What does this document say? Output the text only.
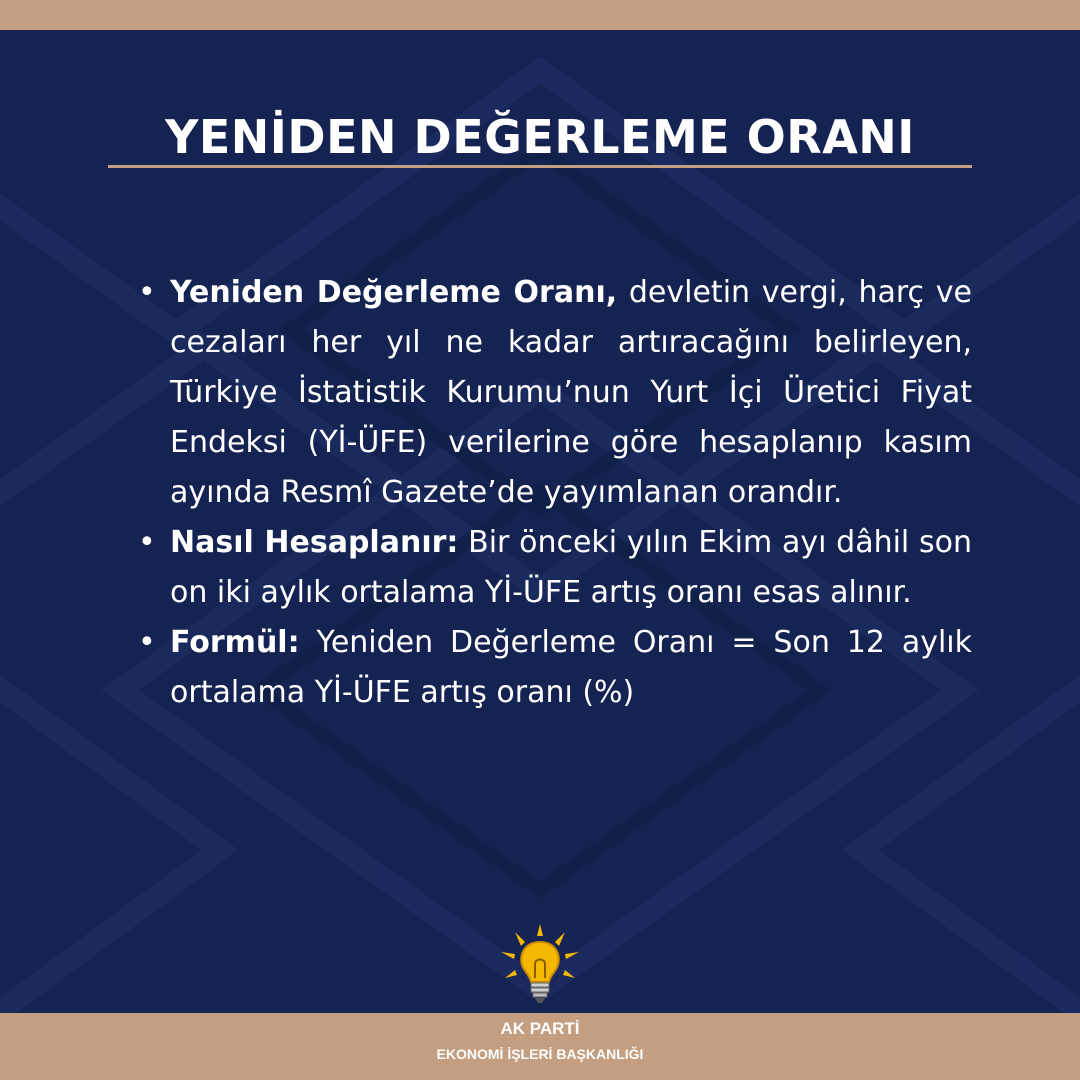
YENİDEN DEĞERLEME ORANI
• Yeniden Değerleme Oranı, devletin vergi, harç ve cezaları her yıl ne kadar artıracağını belirleyen, Türkiye İstatistik Kurumu’nun Yurt İçi Üretici Fiyat Endeksi (Yİ-ÜFE) verilerine göre hesaplanıp kasım ayında Resmî Gazete’de yayımlanan orandır.
• Nasıl Hesaplanır: Bir önceki yılın Ekim ayı dâhil son on iki aylık ortalama Yİ-ÜFE artış oranı esas alınır.
• Formül: Yeniden Değerleme Oranı = Son 12 aylık ortalama Yİ-ÜFE artış oranı (%)
AK PARTİ
EKONOMİ İŞLERİ BAŞKANLIĞI
